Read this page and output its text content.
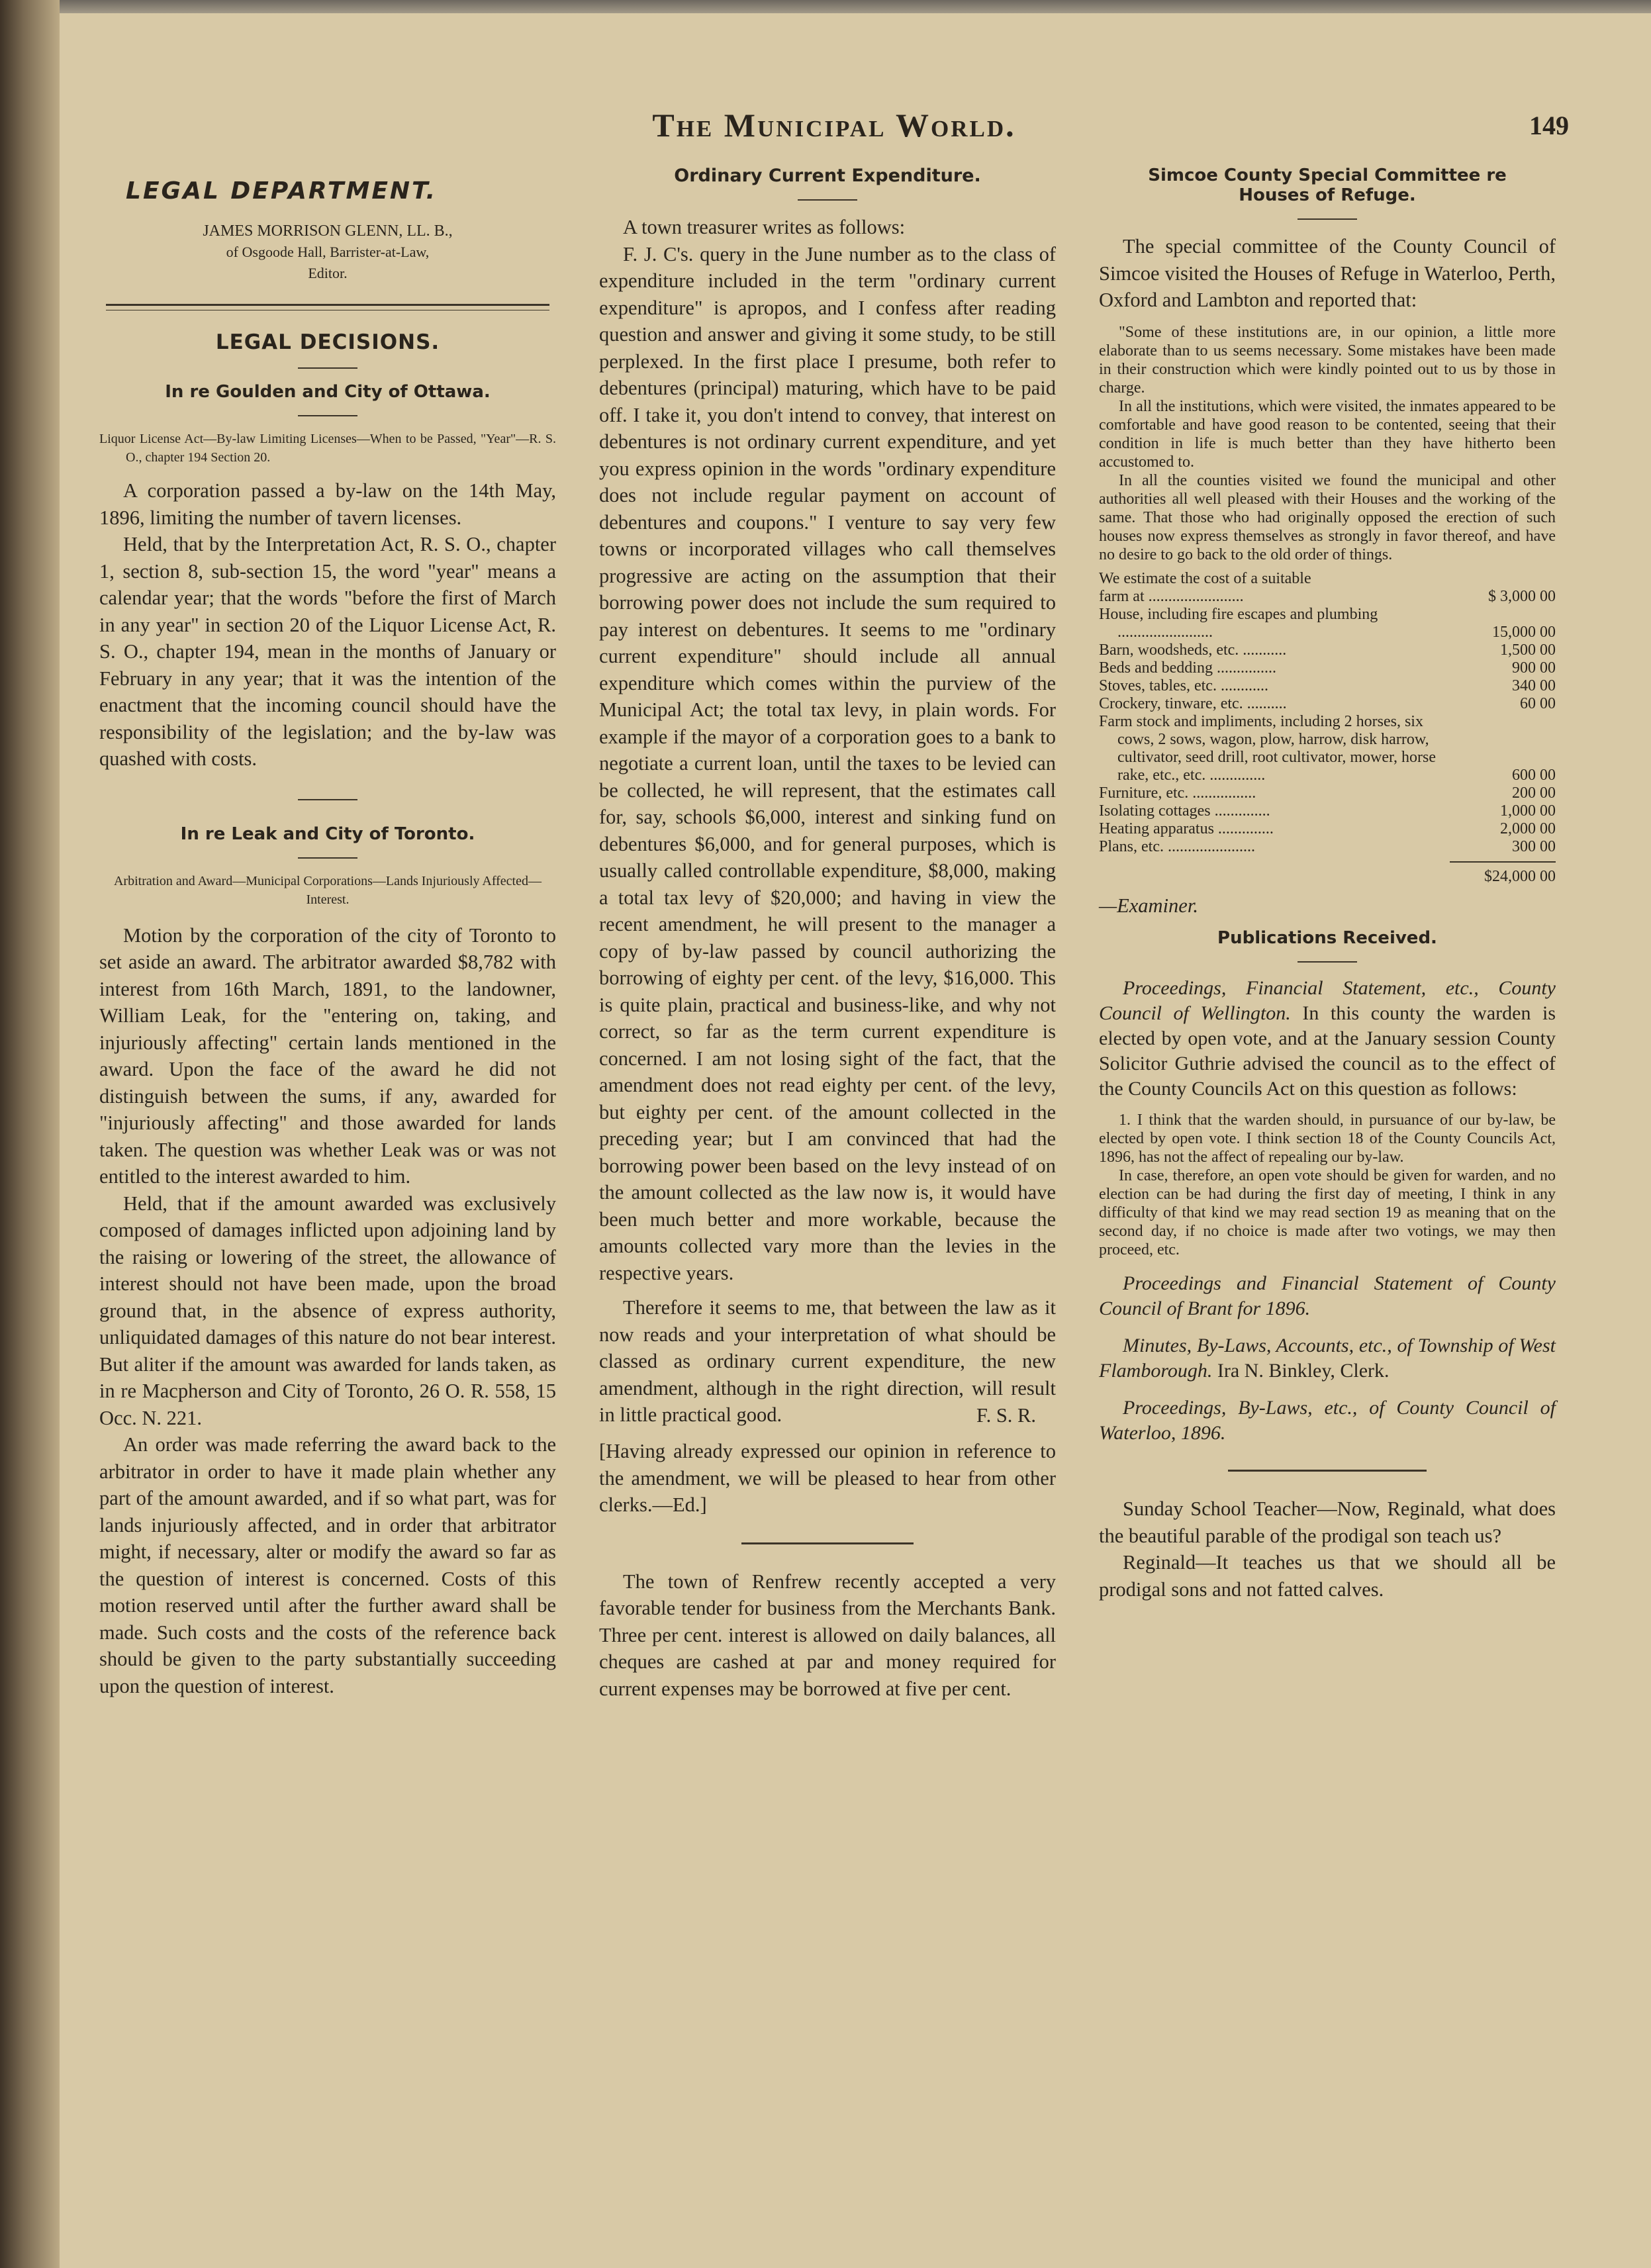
The Municipal World.	149
LEGAL DEPARTMENT.
JAMES MORRISON GLENN, LL. B.,
of Osgoode Hall, Barrister-at-Law,
Editor.
LEGAL DECISIONS.
In re Goulden and City of Ottawa.

Liquor License Act—By-law Limiting Licenses—When to be Passed, "Year"—R. S. O., chapter 194 Section 20.

A corporation passed a by-law on the 14th May, 1896, limiting the number of tavern licenses.

Held, that by the Interpretation Act, R. S. O., chapter 1, section 8, sub-section 15, the word "year" means a calendar year; that the words "before the first of March in any year" in section 20 of the Liquor License Act, R. S. O., chapter 194, mean in the months of January or February in any year; that it was the intention of the enactment that the incoming council should have the responsibility of the legislation; and the by-law was quashed with costs.

In re Leak and City of Toronto.

Arbitration and Award—Municipal Corporations—Lands Injuriously Affected—Interest.

Motion by the corporation of the city of Toronto to set aside an award. The arbitrator awarded $8,782 with interest from 16th March, 1891, to the landowner, William Leak, for the "entering on, taking, and injuriously affecting" certain lands mentioned in the award. Upon the face of the award he did not distinguish between the sums, if any, awarded for "injuriously affecting" and those awarded for lands taken. The question was whether Leak was or was not entitled to the interest awarded to him.

Held, that if the amount awarded was exclusively composed of damages inflicted upon adjoining land by the raising or lowering of the street, the allowance of interest should not have been made, upon the broad ground that, in the absence of express authority, unliquidated damages of this nature do not bear interest. But aliter if the amount was awarded for lands taken, as in re Macpherson and City of Toronto, 26 O. R. 558, 15 Occ. N. 221.

An order was made referring the award back to the arbitrator in order to have it made plain whether any part of the amount awarded, and if so what part, was for lands injuriously affected, and in order that arbitrator might, if necessary, alter or modify the award so far as the question of interest is concerned. Costs of this motion reserved until after the further award shall be made. Such costs and the costs of the reference back should be given to the party substantially succeeding upon the question of interest.

Ordinary Current Expenditure.

A town treasurer writes as follows:

F. J. C's. query in the June number as to the class of expenditure included in the term "ordinary current expenditure" is apropos, and I confess after reading question and answer and giving it some study, to be still perplexed. In the first place I presume, both refer to debentures (principal) maturing, which have to be paid off. I take it, you don't intend to convey, that interest on debentures is not ordinary current expenditure, and yet you express opinion in the words "ordinary expenditure does not include regular payment on account of debentures and coupons." I venture to say very few towns or incorporated villages who call themselves progressive are acting on the assumption that their borrowing power does not include the sum required to pay interest on debentures. It seems to me "ordinary current expenditure" should include all annual expenditure which comes within the purview of the Municipal Act; the total tax levy, in plain words. For example if the mayor of a corporation goes to a bank to negotiate a current loan, until the taxes to be levied can be collected, he will represent, that the estimates call for, say, schools $6,000, interest and sinking fund on debentures $6,000, and for general purposes, which is usually called controllable expenditure, $8,000, making a total tax levy of $20,000; and having in view the recent amendment, he will present to the manager a copy of by-law passed by council authorizing the borrowing of eighty per cent. of the levy, $16,000. This is quite plain, practical and business-like, and why not correct, so far as the term current expenditure is concerned. I am not losing sight of the fact, that the amendment does not read eighty per cent. of the levy, but eighty per cent. of the amount collected in the preceding year; but I am convinced that had the borrowing power been based on the levy instead of on the amount collected as the law now is, it would have been much better and more workable, because the amounts collected vary more than the levies in the respective years.

Therefore it seems to me, that between the law as it now reads and your interpretation of what should be classed as ordinary current expenditure, the new amendment, although in the right direction, will result in little practical good.	F. S. R.

[Having already expressed our opinion in reference to the amendment, we will be pleased to hear from other clerks.—Ed.]

The town of Renfrew recently accepted a very favorable tender for business from the Merchants Bank. Three per cent. interest is allowed on daily balances, all cheques are cashed at par and money required for current expenses may be borrowed at five per cent.

Simcoe County Special Committee re
Houses of Refuge.

The special committee of the County Council of Simcoe visited the Houses of Refuge in Waterloo, Perth, Oxford and Lambton and reported that:

"Some of these institutions are, in our opinion, a little more elaborate than to us seems necessary. Some mistakes have been made in their construction which were kindly pointed out to us by those in charge.

In all the institutions, which were visited, the inmates appeared to be comfortable and have good reason to be contented, seeing that their condition in life is much better than they have hitherto been accustomed to.

In all the counties visited we found the municipal and other authorities all well pleased with their Houses and the working of the same. That those who had originally opposed the erection of such houses now express themselves as strongly in favor thereof, and have no desire to go back to the old order of things.

We estimate the cost of a suitable

farm at ........................	$ 3,000 00
House, including fire escapes and plumbing ........................	15,000 00
Barn, woodsheds, etc. ...........	1,500 00
Beds and bedding ...............	900 00
Stoves, tables, etc. ............	340 00
Crockery, tinware, etc. ..........	60 00
Farm stock and impliments, including 2 horses, six cows, 2 sows, wagon, plow, harrow, disk harrow, cultivator, seed drill, root cultivator, mower, horse rake, etc., etc. ..............	600 00
Furniture, etc. ................	200 00
Isolating cottages ..............	1,000 00
Heating apparatus ..............	2,000 00
Plans, etc. ......................	300 00
$24,000 00

—Examiner.

Publications Received.

Proceedings, Financial Statement, etc., County Council of Wellington. In this county the warden is elected by open vote, and at the January session County Solicitor Guthrie advised the council as to the effect of the County Councils Act on this question as follows:

1. I think that the warden should, in pursuance of our by-law, be elected by open vote. I think section 18 of the County Councils Act, 1896, has not the affect of repealing our by-law.

In case, therefore, an open vote should be given for warden, and no election can be had during the first day of meeting, I think in any difficulty of that kind we may read section 19 as meaning that on the second day, if no choice is made after two votings, we may then proceed, etc.

Proceedings and Financial Statement of County Council of Brant for 1896.

Minutes, By-Laws, Accounts, etc., of Township of West Flamborough. Ira N. Binkley, Clerk.

Proceedings, By-Laws, etc., of County Council of Waterloo, 1896.

Sunday School Teacher—Now, Reginald, what does the beautiful parable of the prodigal son teach us?

Reginald—It teaches us that we should all be prodigal sons and not fatted calves.
